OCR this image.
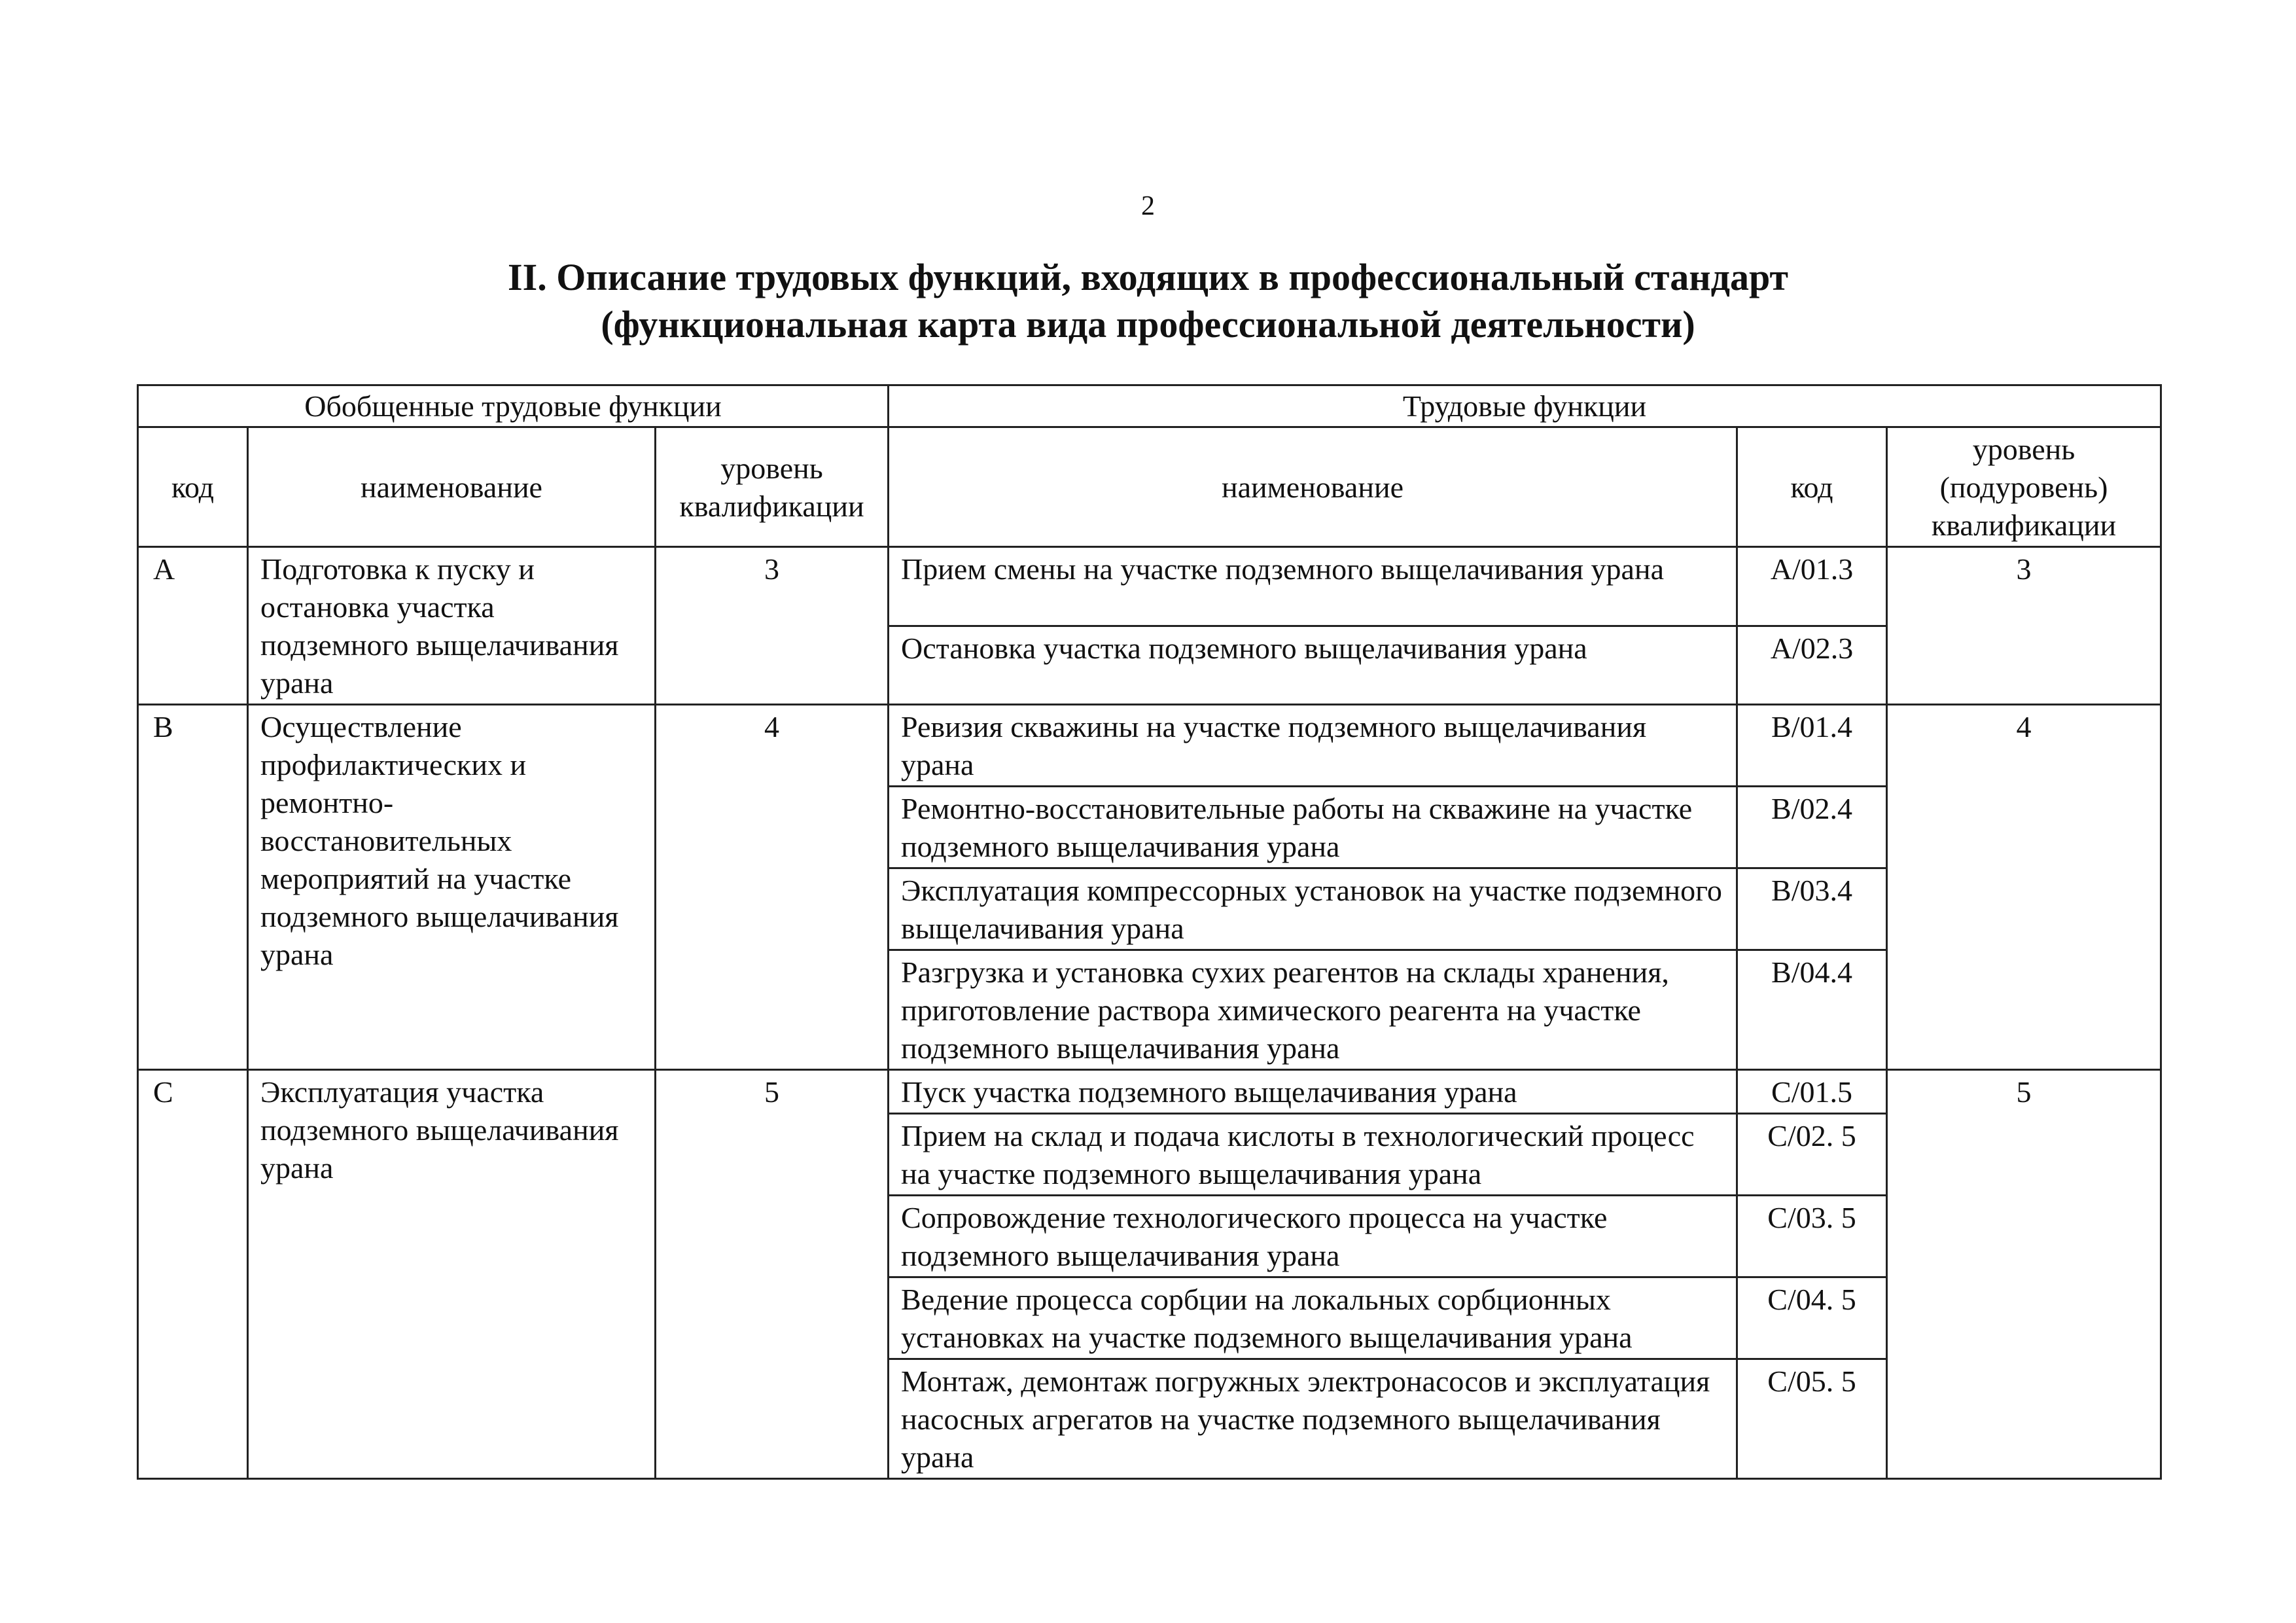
2
II. Описание трудовых функций, входящих в профессиональный стандарт
(функциональная карта вида профессиональной деятельности)
Обобщенные трудовые функции			Трудовые функции		
код	наименование	уровень квалификации	наименование	код	уровень (подуровень) квалификации
A	Подготовка к пуску и остановка участка подземного выщелачивания урана	3	Прием смены на участке подземного выщелачивания урана	A/01.3	3
			Остановка участка подземного выщелачивания урана	A/02.3	
B	Осуществление профилактических и ремонтно-восстановительных мероприятий на участке подземного выщелачивания урана	4	Ревизия скважины на участке подземного выщелачивания урана	B/01.4	4
			Ремонтно-восстановительные работы на скважине на участке подземного выщелачивания урана	B/02.4	
			Эксплуатация компрессорных установок на участке подземного выщелачивания урана	B/03.4	
			Разгрузка и установка сухих реагентов на склады хранения, приготовление раствора химического реагента на участке подземного выщелачивания урана	B/04.4	
C	Эксплуатация участка подземного выщелачивания урана	5	Пуск участка подземного выщелачивания урана	C/01.5	5
			Прием на склад и подача кислоты в технологический процесс на участке подземного выщелачивания урана	C/02. 5	
			Сопровождение технологического процесса на участке подземного выщелачивания урана	C/03. 5	
			Ведение процесса сорбции на локальных сорбционных установках на участке подземного выщелачивания урана	C/04. 5	
			Монтаж, демонтаж погружных электронасосов и эксплуатация насосных агрегатов на участке подземного выщелачивания урана	C/05. 5	
